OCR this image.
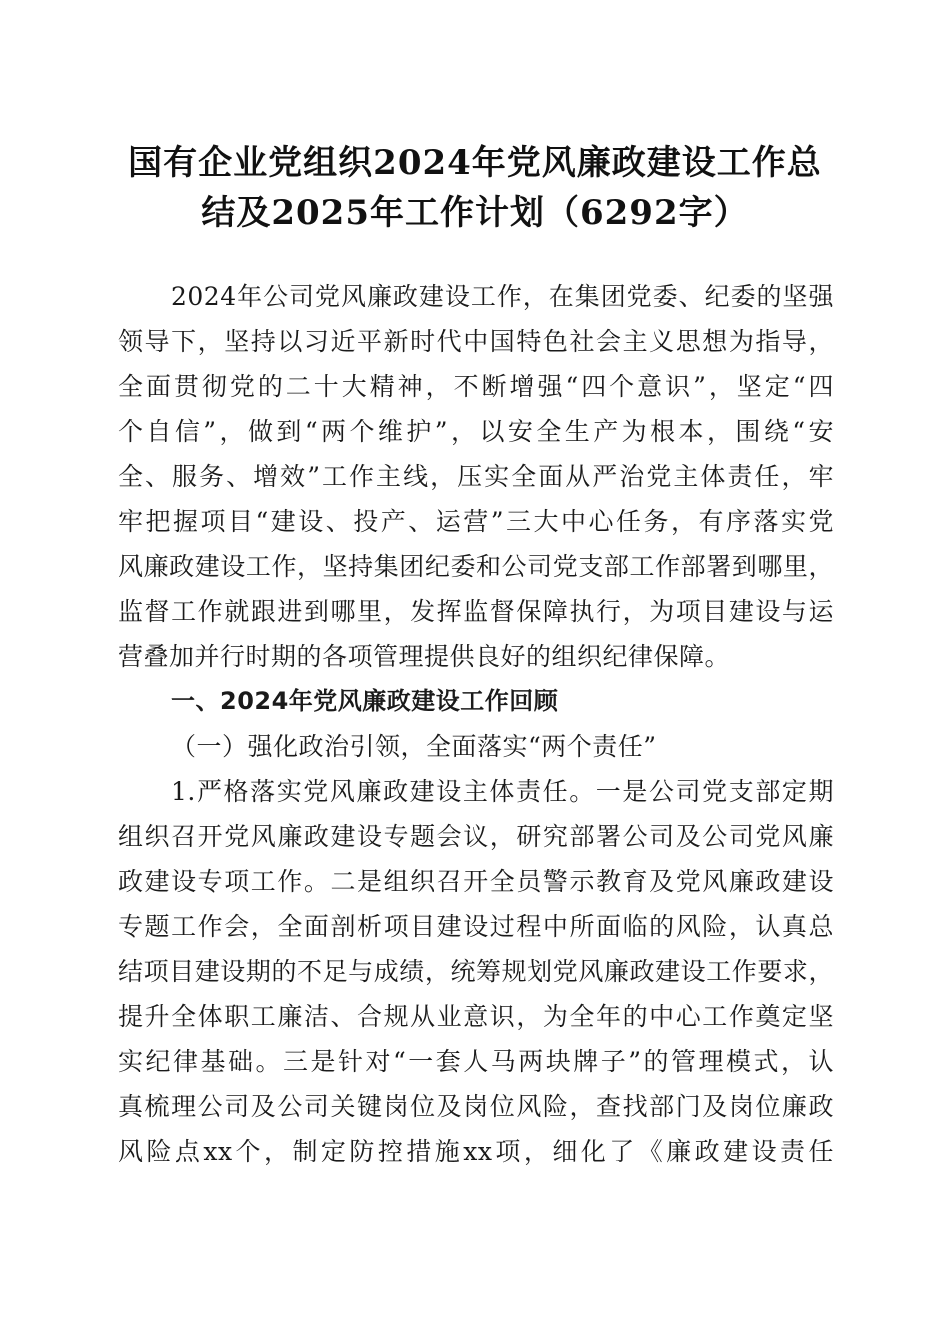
国有企业党组织2024年党风廉政建设工作总
结及2025年工作计划（6292字）
2024年公司党风廉政建设工作，在集团党委、纪委的坚强
领导下，坚持以习近平新时代中国特色社会主义思想为指导，
全面贯彻党的二十大精神，不断增强“四个意识”，坚定“四
个自信”，做到“两个维护”，以安全生产为根本，围绕“安
全、服务、增效”工作主线，压实全面从严治党主体责任，牢
牢把握项目“建设、投产、运营”三大中心任务，有序落实党
风廉政建设工作，坚持集团纪委和公司党支部工作部署到哪里，
监督工作就跟进到哪里，发挥监督保障执行，为项目建设与运
营叠加并行时期的各项管理提供良好的组织纪律保障。
一、2024年党风廉政建设工作回顾
（一）强化政治引领，全面落实“两个责任”
1.严格落实党风廉政建设主体责任。一是公司党支部定期
组织召开党风廉政建设专题会议，研究部署公司及公司党风廉
政建设专项工作。二是组织召开全员警示教育及党风廉政建设
专题工作会，全面剖析项目建设过程中所面临的风险，认真总
结项目建设期的不足与成绩，统筹规划党风廉政建设工作要求，
提升全体职工廉洁、合规从业意识，为全年的中心工作奠定坚
实纪律基础。三是针对“一套人马两块牌子”的管理模式，认
真梳理公司及公司关键岗位及岗位风险，查找部门及岗位廉政
风险点xx个，制定防控措施xx项，细化了《廉政建设责任
